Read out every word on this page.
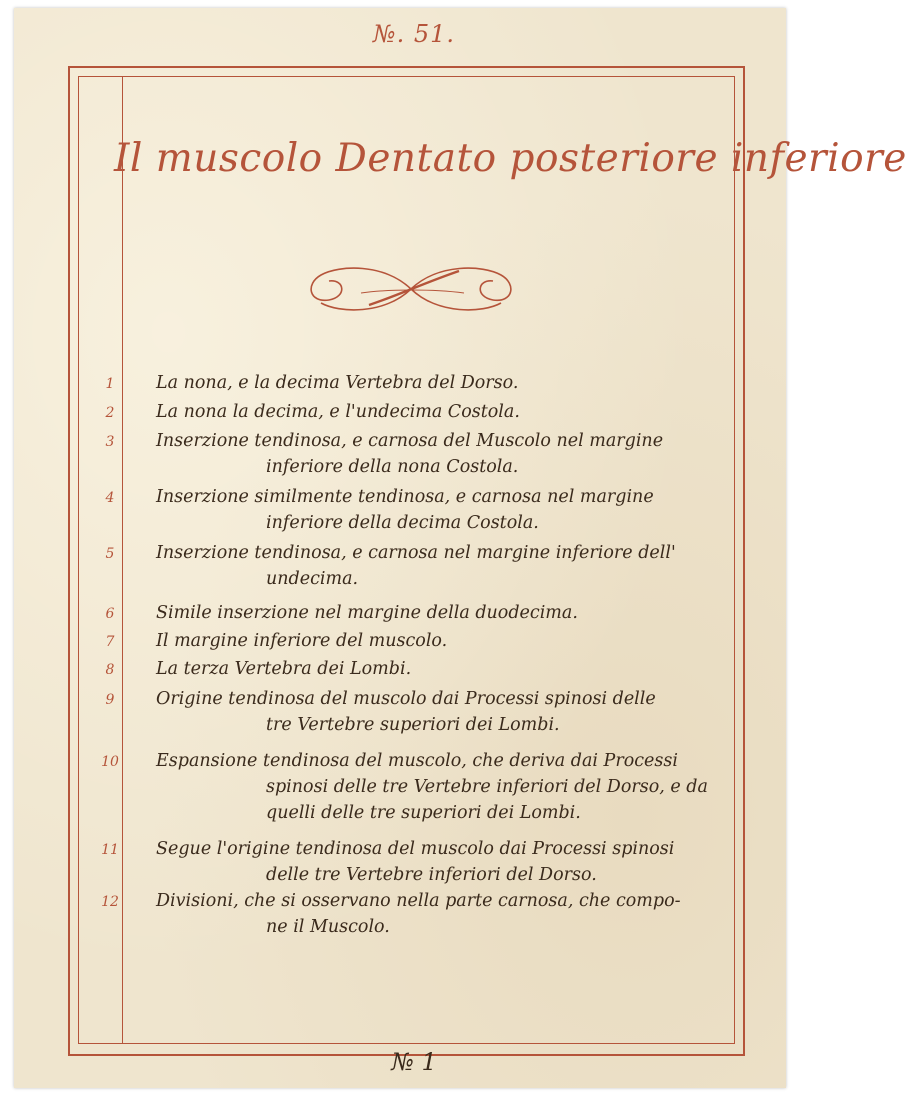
№. 51.
Il muscolo Dentato posteriore inferiore
1	La nona, e la decima Vertebra del Dorso.
2	La nona la decima, e l'undecima Costola.
3	Inserzione tendinosa, e carnosa del Muscolo nel margine
inferiore della nona Costola.
4	Inserzione similmente tendinosa, e carnosa nel margine
inferiore della decima Costola.
5	Inserzione tendinosa, e carnosa nel margine inferiore dell'
undecima.
6	Simile inserzione nel margine della duodecima.
7	Il margine inferiore del muscolo.
8	La terza Vertebra dei Lombi.
9	Origine tendinosa del muscolo dai Processi spinosi delle
tre Vertebre superiori dei Lombi.
10 Espansione tendinosa del muscolo, che deriva dai Processi
spinosi delle tre Vertebre inferiori del Dorso, e da
quelli delle tre superiori dei Lombi.
11 Segue l'origine tendinosa del muscolo dai Processi spinosi
delle tre Vertebre inferiori del Dorso.
12 Divisioni, che si osservano nella parte carnosa, che compo-
ne il Muscolo.
№ 1
